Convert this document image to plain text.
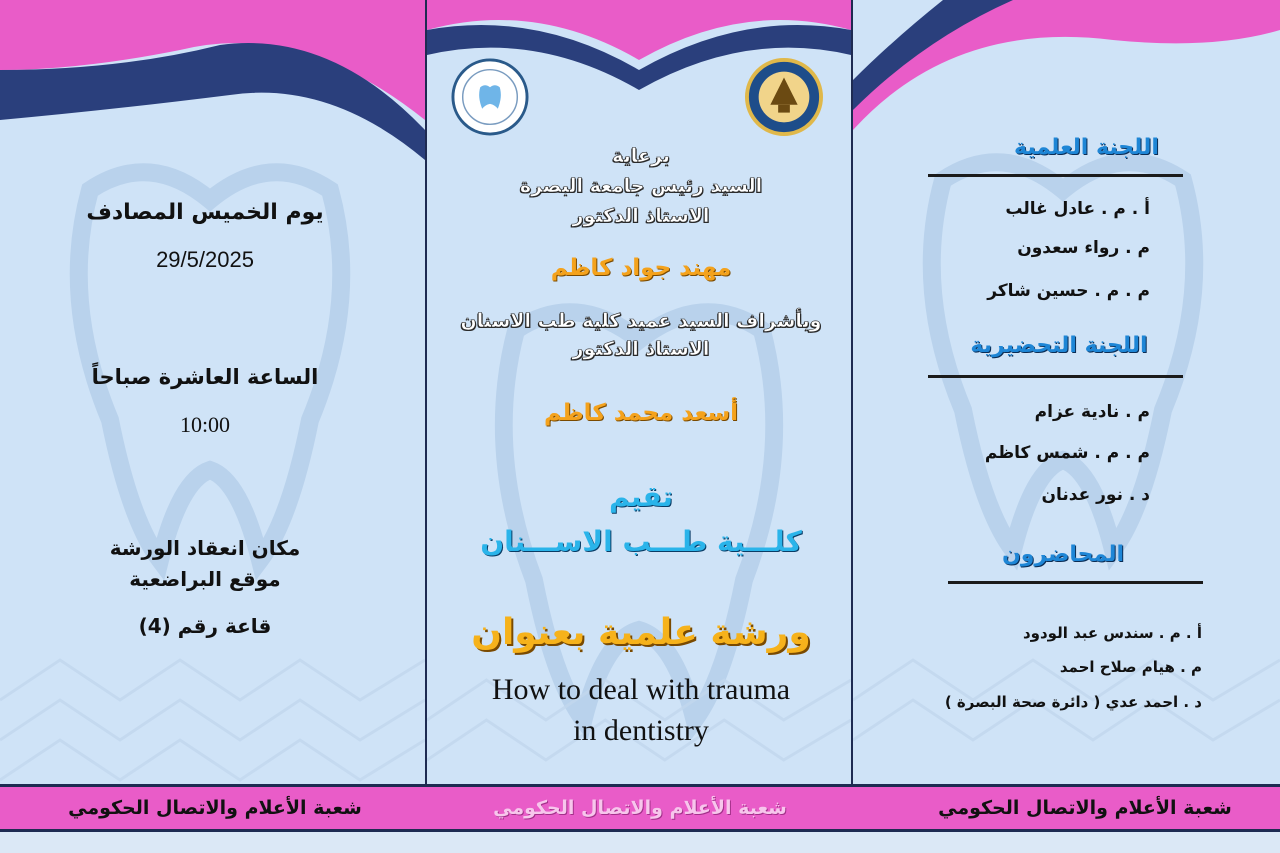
يوم الخميس المصادف
29/5/2025
الساعة العاشرة صباحاً
10:00
مكان انعقاد الورشة
موقع البراضعية
قاعة رقم (4)
برعاية
السيد رئيس جامعة البصرة
الاستاذ الدكتور
مهند جواد كاظم
وبأشراف السيد عميد كلية طب الاسنان
الاستاذ الدكتور
أسعد محمد كاظم
تقيم
كلـــية طـــب الاســـنان
ورشة علمية بعنوان
How to deal with trauma
in dentistry
اللجنة العلمية
أ . م . عادل غالب
م . رواء سعدون
م . م . حسين شاكر
اللجنة التحضيرية
م . نادية عزام
م . م . شمس كاظم
د . نور عدنان
المحاضرون
أ . م . سندس عبد الودود
م . هيام صلاح احمد
د . احمد عدي ( دائرة صحة البصرة )
شعبة الأعلام والاتصال الحكومي	شعبة الأعلام والاتصال الحكومي	شعبة الأعلام والاتصال الحكومي
